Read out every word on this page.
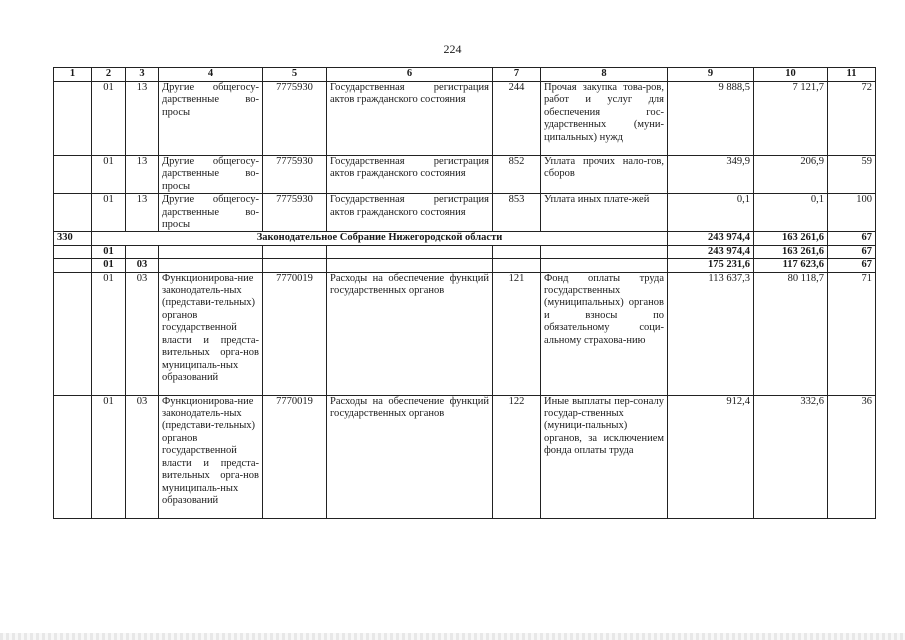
224
1	2	3	4	5	6	7	8	9	10	11
	01	13	Другие общегосу-дарственные во-просы	7775930	Государственная регистрация актов гражданского состояния	244	Прочая закупка това-ров, работ и услуг для обеспечения гос-ударственных (муни-ципальных) нужд	9 888,5	7 121,7	72
	01	13	Другие общегосу-дарственные во-просы	7775930	Государственная регистрация актов гражданского состояния	852	Уплата прочих нало-гов, сборов	349,9	206,9	59
	01	13	Другие общегосу-дарственные во-просы	7775930	Государственная регистрация актов гражданского состояния	853	Уплата иных плате-жей	0,1	0,1	100
330	Законодательное Собрание Нижегородской области							243 974,4	163 261,6	67
	01							243 974,4	163 261,6	67
	01	03						175 231,6	117 623,6	67
	01	03	Функционирова-ние законодатель-ных (представи-тельных) органов государственной власти и предста-вительных орга-нов муниципаль-ных образований	7770019	Расходы на обеспечение функций государственных органов	121	Фонд оплаты труда государственных (муниципальных) органов и взносы по обязательному соци-альному страхова-нию	113 637,3	80 118,7	71
	01	03	Функционирова-ние законодатель-ных (представи-тельных) органов государственной власти и предста-вительных орга-нов муниципаль-ных образований	7770019	Расходы на обеспечение функций государственных органов	122	Иные выплаты пер-соналу государ-ственных (муници-пальных) органов, за исключением фонда оплаты труда	912,4	332,6	36
